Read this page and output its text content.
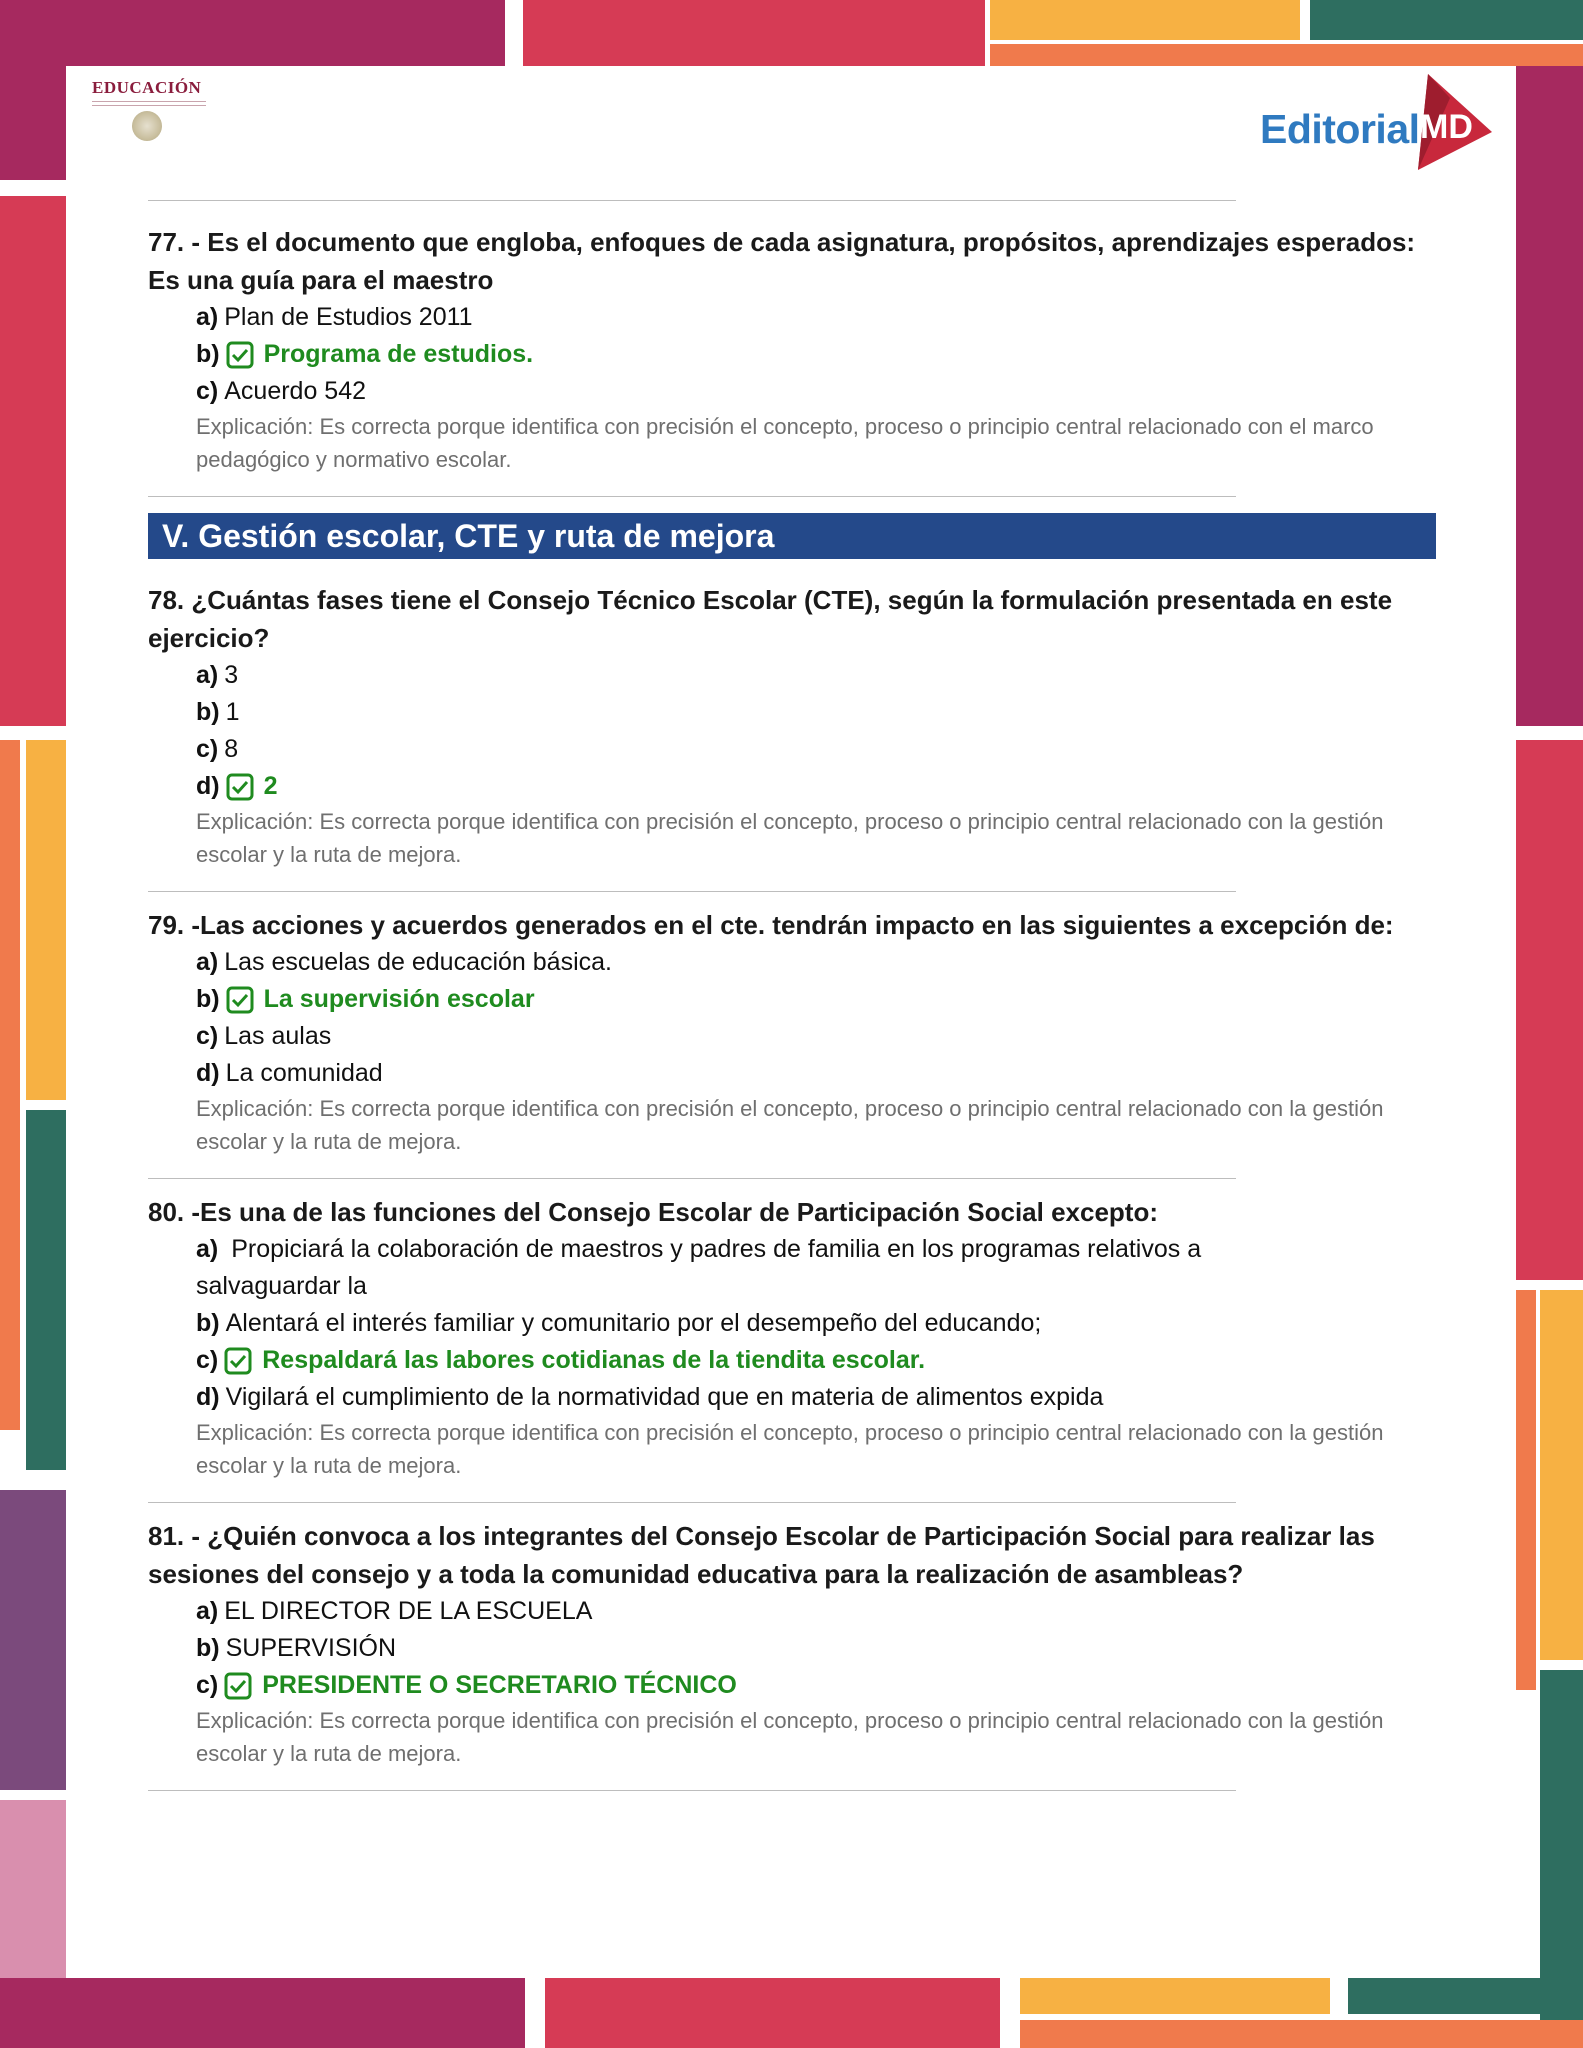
EDUCACIÓN
Editorial MD
77. - Es el documento que engloba, enfoques de cada asignatura, propósitos, aprendizajes esperados: Es una guía para el maestro
a) Plan de Estudios 2011
b) Programa de estudios.
c) Acuerdo 542
Explicación: Es correcta porque identifica con precisión el concepto, proceso o principio central relacionado con el marco pedagógico y normativo escolar.
V. Gestión escolar, CTE y ruta de mejora
78. ¿Cuántas fases tiene el Consejo Técnico Escolar (CTE), según la formulación presentada en este ejercicio?
a) 3
b) 1
c) 8
d) 2
Explicación: Es correcta porque identifica con precisión el concepto, proceso o principio central relacionado con la gestión escolar y la ruta de mejora.
79. -Las acciones y acuerdos generados en el cte. tendrán impacto en las siguientes a excepción de:
a) Las escuelas de educación básica.
b) La supervisión escolar
c) Las aulas
d) La comunidad
Explicación: Es correcta porque identifica con precisión el concepto, proceso o principio central relacionado con la gestión escolar y la ruta de mejora.
80. -Es una de las funciones del Consejo Escolar de Participación Social excepto:
a) Propiciará la colaboración de maestros y padres de familia en los programas relativos a salvaguardar la
b) Alentará el interés familiar y comunitario por el desempeño del educando;
c) Respaldará las labores cotidianas de la tiendita escolar.
d) Vigilará el cumplimiento de la normatividad que en materia de alimentos expida
Explicación: Es correcta porque identifica con precisión el concepto, proceso o principio central relacionado con la gestión escolar y la ruta de mejora.
81. - ¿Quién convoca a los integrantes del Consejo Escolar de Participación Social para realizar las sesiones del consejo y a toda la comunidad educativa para la realización de asambleas?
a) EL DIRECTOR DE LA ESCUELA
b) SUPERVISIÓN
c) PRESIDENTE O SECRETARIO TÉCNICO
Explicación: Es correcta porque identifica con precisión el concepto, proceso o principio central relacionado con la gestión escolar y la ruta de mejora.
